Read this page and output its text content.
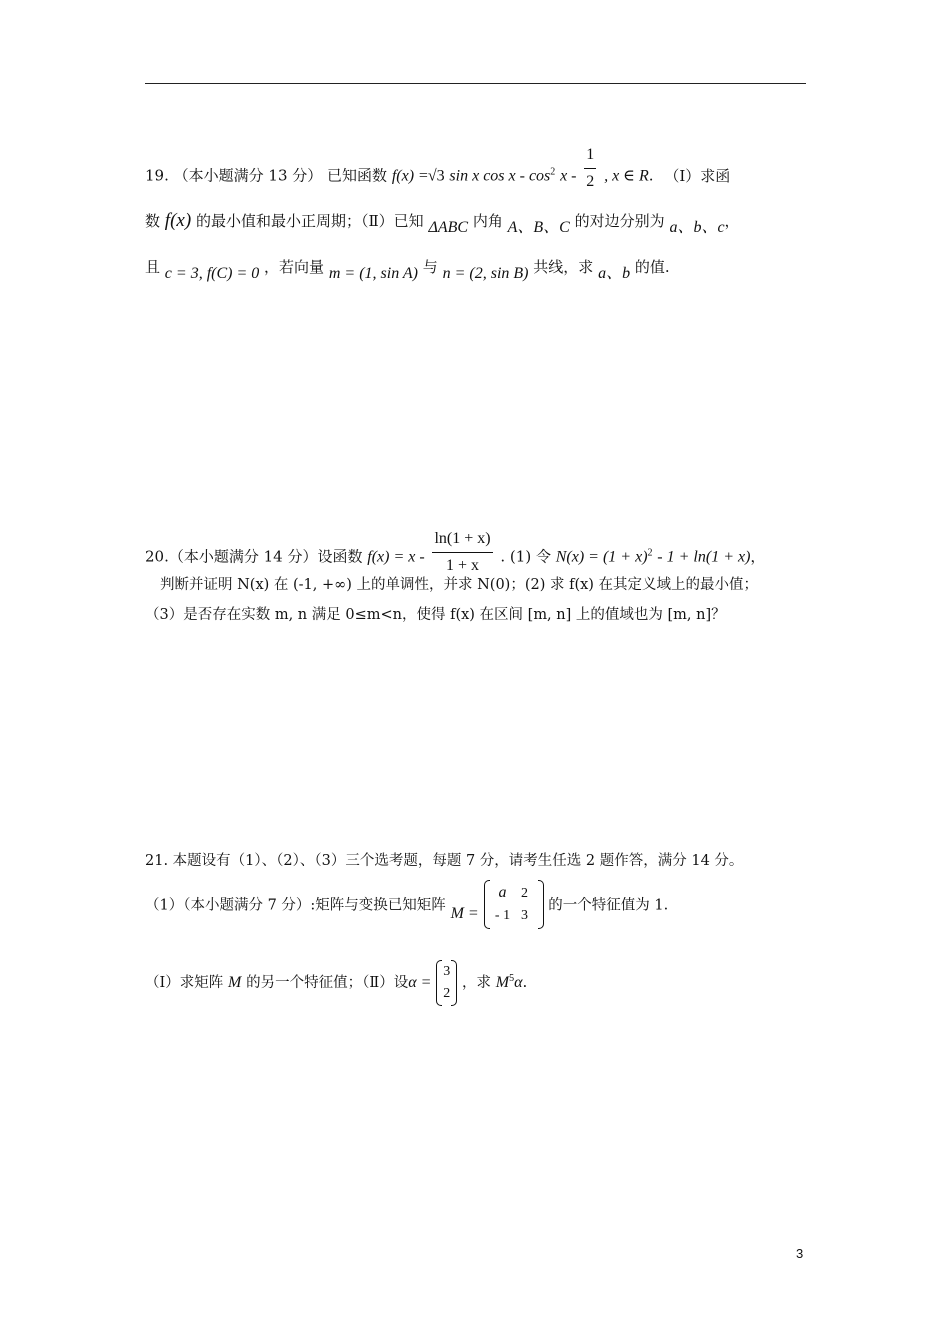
19. （本小题满分 13 分） 已知函数 f(x) =√3 sin x cos x - $\cos^2 x - \frac{1}{2}$ , x ∈ R. （Ⅰ）求函
数 f(x) 的最小值和最小正周期；（Ⅱ）已知 ΔABC 内角 A、B、C 的对边分别为 a、b、c，
且 c = 3, f(C) = 0 ，若向量 m = (1, sin A) 与 n = (2, sin B) 共线，求 a、b 的值.
20.（本小题满分 14 分）设函数 $f(x) = x - \frac{\ln(1 + x)}{1 + x}$ . (1) 令 $N(x) = (1 + x)^2 - 1 + \ln(1 + x)$，
判断并证明 N(x) 在 (-1, +∞) 上的单调性，并求 N(0)；(2) 求 f(x) 在其定义域上的最小值；
（3）是否存在实数 m, n 满足 0≤m<n，使得 f(x) 在区间 [m, n] 上的值域也为 [m, n]？
21. 本题设有（1）、（2）、（3）三个选考题，每题 7 分，请考生任选 2 题作答，满分 14 分。
（1）（本小题满分 7 分）:矩阵与变换已知矩阵 M =
a 2
- 1 3
的一个特征值为 1.
（Ⅰ）求矩阵 M 的另一个特征值；（Ⅱ）设α =
3
2
，求 $M^5\alpha$.
3
